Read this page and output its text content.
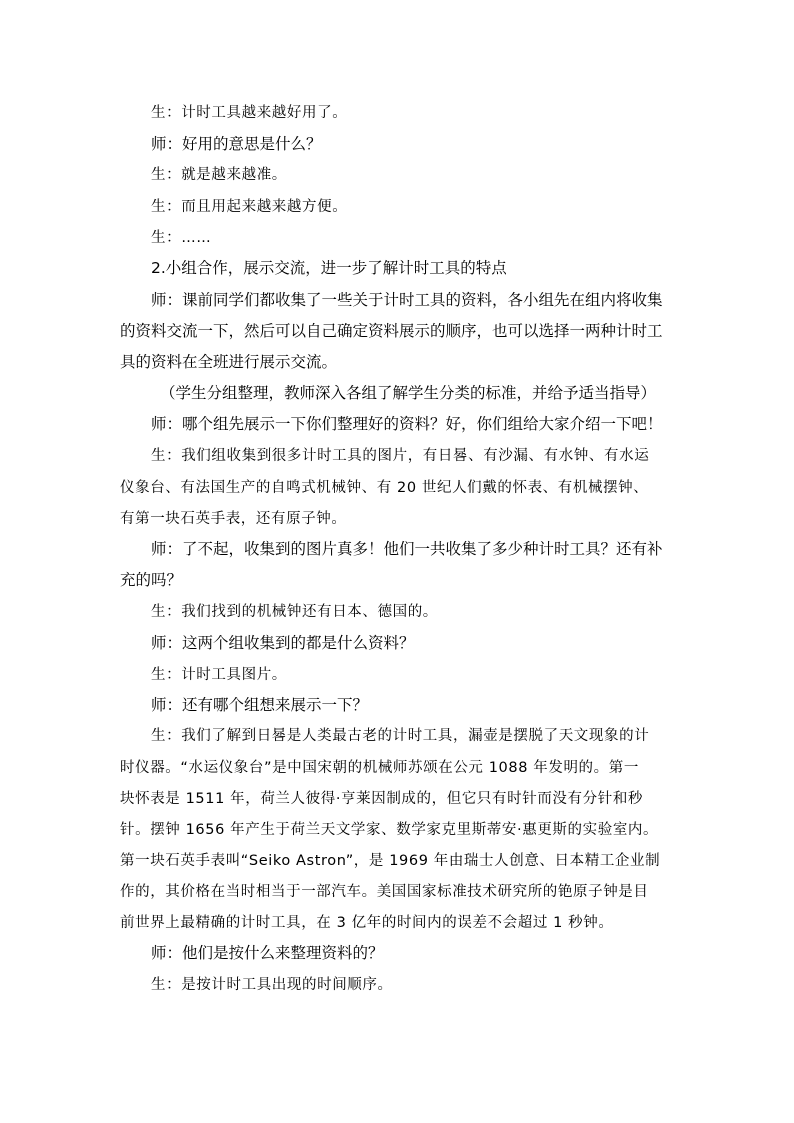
生：计时工具越来越好用了。
师：好用的意思是什么？
生：就是越来越准。
生：而且用起来越来越方便。
生：……
2.小组合作，展示交流，进一步了解计时工具的特点
师：课前同学们都收集了一些关于计时工具的资料，各小组先在组内将收集
的资料交流一下，然后可以自己确定资料展示的顺序，也可以选择一两种计时工
具的资料在全班进行展示交流。
（学生分组整理，教师深入各组了解学生分类的标准，并给予适当指导）
师：哪个组先展示一下你们整理好的资料？好，你们组给大家介绍一下吧！
生：我们组收集到很多计时工具的图片，有日晷、有沙漏、有水钟、有水运
仪象台、有法国生产的自鸣式机械钟、有 20 世纪人们戴的怀表、有机械摆钟、
有第一块石英手表，还有原子钟。
师：了不起，收集到的图片真多！他们一共收集了多少种计时工具？还有补
充的吗？
生：我们找到的机械钟还有日本、德国的。
师：这两个组收集到的都是什么资料？
生：计时工具图片。
师：还有哪个组想来展示一下？
生：我们了解到日晷是人类最古老的计时工具，漏壶是摆脱了天文现象的计
时仪器。“水运仪象台”是中国宋朝的机械师苏颂在公元 1088 年发明的。第一
块怀表是 1511 年，荷兰人彼得·亨莱因制成的，但它只有时针而没有分针和秒
针。摆钟 1656 年产生于荷兰天文学家、数学家克里斯蒂安·惠更斯的实验室内。
第一块石英手表叫“Seiko Astron”，是 1969 年由瑞士人创意、日本精工企业制
作的，其价格在当时相当于一部汽车。美国国家标准技术研究所的铯原子钟是目
前世界上最精确的计时工具，在 3 亿年的时间内的误差不会超过 1 秒钟。
师：他们是按什么来整理资料的？
生：是按计时工具出现的时间顺序。
